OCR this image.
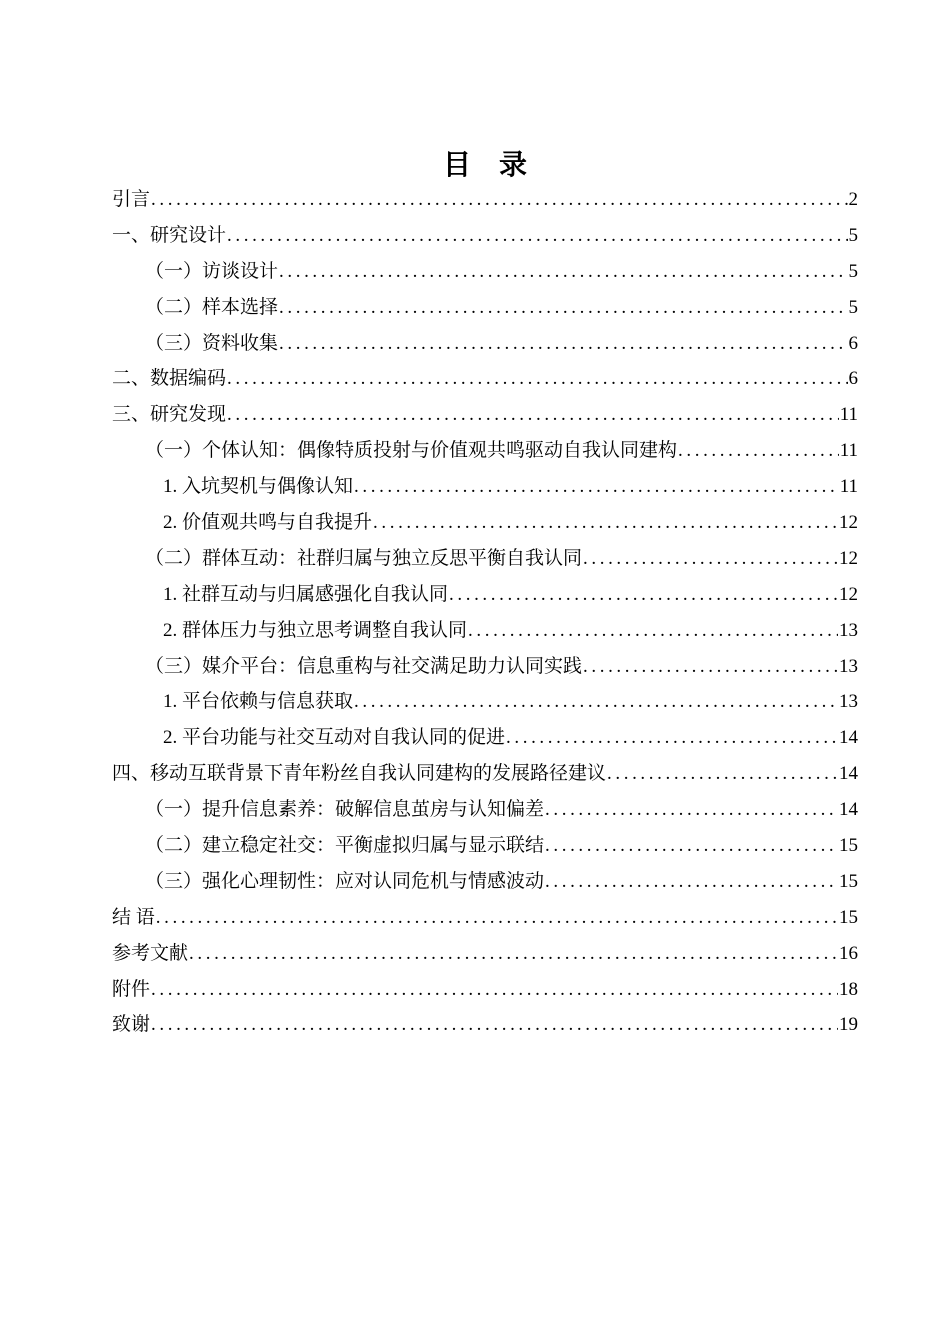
目　录
引言 .....	2
一、研究设计 .....	5
（一）访谈设计 .....	5
（二）样本选择 .....	5
（三）资料收集 .....	6
二、数据编码 .....	6
三、研究发现 .....	11
（一）个体认知：偶像特质投射与价值观共鸣驱动自我认同建构 .....	11
1. 入坑契机与偶像认知 .....	11
2. 价值观共鸣与自我提升 .....	12
（二）群体互动：社群归属与独立反思平衡自我认同 .....	12
1. 社群互动与归属感强化自我认同 .....	12
2. 群体压力与独立思考调整自我认同 .....	13
（三）媒介平台：信息重构与社交满足助力认同实践 .....	13
1. 平台依赖与信息获取 .....	13
2. 平台功能与社交互动对自我认同的促进 .....	14
四、移动互联背景下青年粉丝自我认同建构的发展路径建议 .....	14
（一）提升信息素养：破解信息茧房与认知偏差 .....	14
（二）建立稳定社交：平衡虚拟归属与显示联结 .....	15
（三）强化心理韧性：应对认同危机与情感波动 .....	15
结 语 .....	15
参考文献 .....	16
附件 .....	18
致谢 .....	19
